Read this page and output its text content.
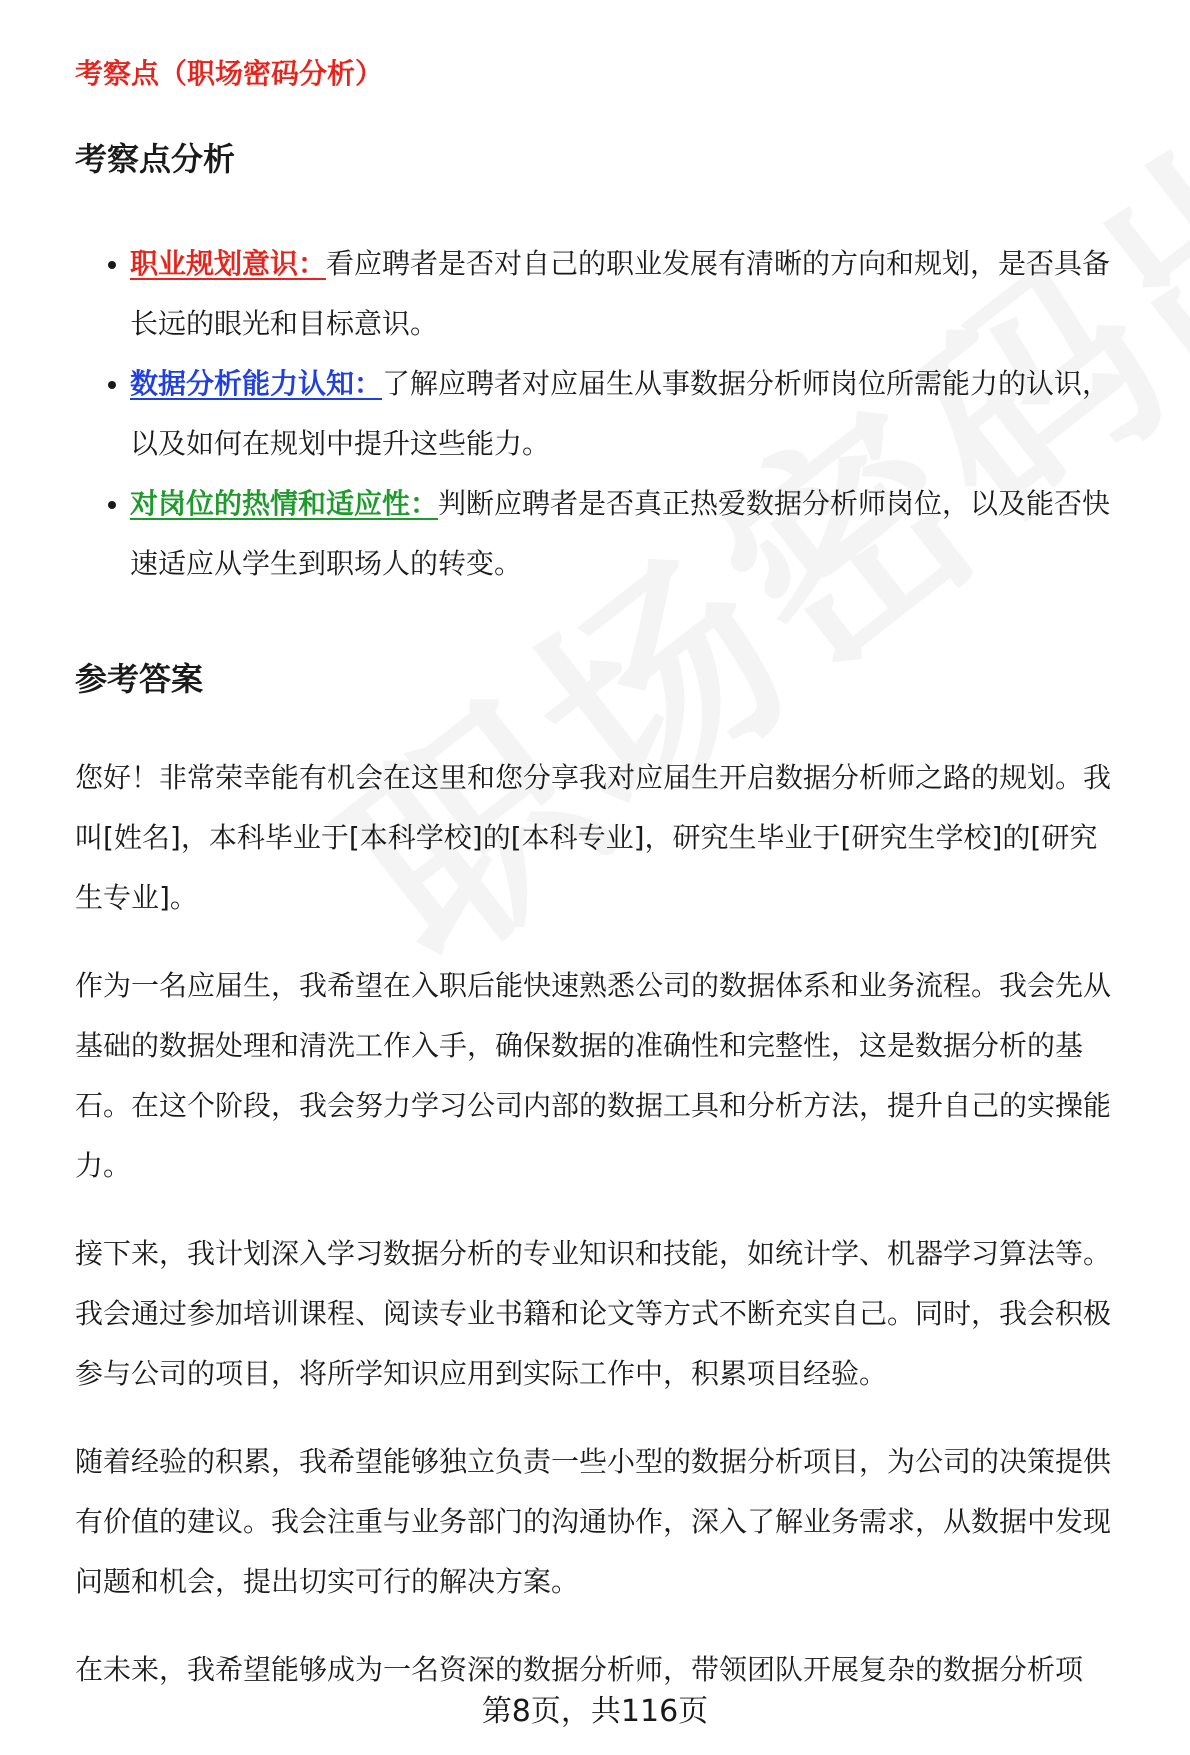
考察点（职场密码分析）
考察点分析
职业规划意识：看应聘者是否对自己的职业发展有清晰的方向和规划，是否具备长远的眼光和目标意识。
数据分析能力认知：了解应聘者对应届生从事数据分析师岗位所需能力的认识，以及如何在规划中提升这些能力。
对岗位的热情和适应性：判断应聘者是否真正热爱数据分析师岗位，以及能否快速适应从学生到职场人的转变。
参考答案

您好！非常荣幸能有机会在这里和您分享我对应届生开启数据分析师之路的规划。我叫[姓名]，本科毕业于[本科学校]的[本科专业]，研究生毕业于[研究生学校]的[研究生专业]。

作为一名应届生，我希望在入职后能快速熟悉公司的数据体系和业务流程。我会先从基础的数据处理和清洗工作入手，确保数据的准确性和完整性，这是数据分析的基石。在这个阶段，我会努力学习公司内部的数据工具和分析方法，提升自己的实操能力。

接下来，我计划深入学习数据分析的专业知识和技能，如统计学、机器学习算法等。我会通过参加培训课程、阅读专业书籍和论文等方式不断充实自己。同时，我会积极参与公司的项目，将所学知识应用到实际工作中，积累项目经验。

随着经验的积累，我希望能够独立负责一些小型的数据分析项目，为公司的决策提供有价值的建议。我会注重与业务部门的沟通协作，深入了解业务需求，从数据中发现问题和机会，提出切实可行的解决方案。

在未来，我希望能够成为一名资深的数据分析师，带领团队开展复杂的数据分析项

第8页，共116页
